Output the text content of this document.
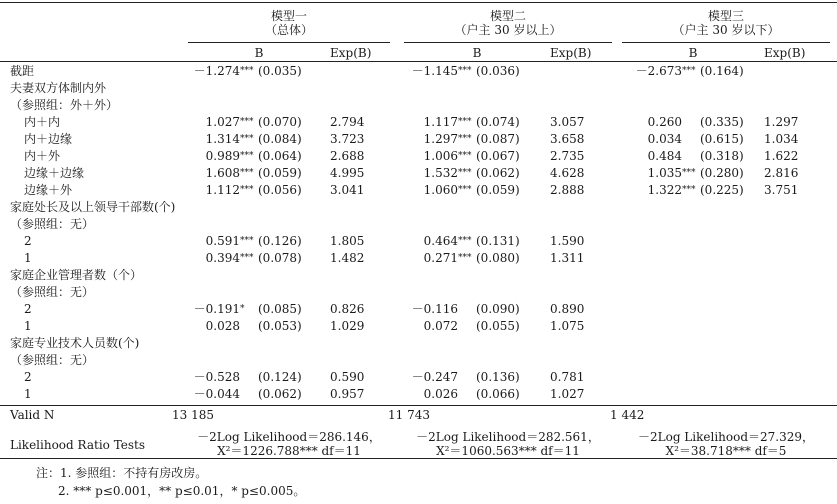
模型一
（总体）
B	Exp(B)
模型二
（户主 30 岁以上）
B	Exp(B)
模型三
（户主 30 岁以下）
B	Exp(B)
截距	－1.274*** (0.035)	－1.145*** (0.036)	－2.673*** (0.164)
夫妻双方体制内外
（参照组：外＋外）
内＋内	1.027*** (0.070) 2.794	1.117*** (0.074)	3.057	0.260 (0.335) 1.297
内＋边缘	1.314*** (0.084) 3.723	1.297*** (0.087)	3.658	0.034 (0.615) 1.034
内＋外	0.989*** (0.064) 2.688	1.006*** (0.067)	2.735	0.484 (0.318) 1.622
边缘＋边缘	1.608*** (0.059) 4.995	1.532*** (0.062)	4.628	1.035*** (0.280) 2.816
边缘＋外	1.112*** (0.056) 3.041	1.060*** (0.059)	2.888	1.322*** (0.225) 3.751
家庭处长及以上领导干部数(个)
（参照组：无）
2	0.591*** (0.126) 1.805	0.464*** (0.131)	1.590
1	0.394*** (0.078) 1.482	0.271*** (0.080)	1.311
家庭企业管理者数（个）
（参照组：无）
2	－0.191* (0.085) 0.826	－0.116 (0.090)	0.890
1	0.028 (0.053) 1.029	0.072 (0.055)	1.075
家庭专业技术人员数(个)
（参照组：无）
2	－0.528 (0.124) 0.590	－0.247 (0.136)	0.781
1	－0.044 (0.062) 0.957	0.026 (0.066)	1.027
Valid N	13 185	11 743	1 442
Likelihood Ratio Tests
－2Log Likelihood＝286.146，
X²＝1226.788*** df＝11
－2Log Likelihood＝282.561，
X²＝1060.563*** df＝11
－2Log Likelihood＝27.329，
X²＝38.718*** df＝5
注：1. 参照组：不持有房改房。
2. *** p≤0.001，** p≤0.01，* p≤0.005。
